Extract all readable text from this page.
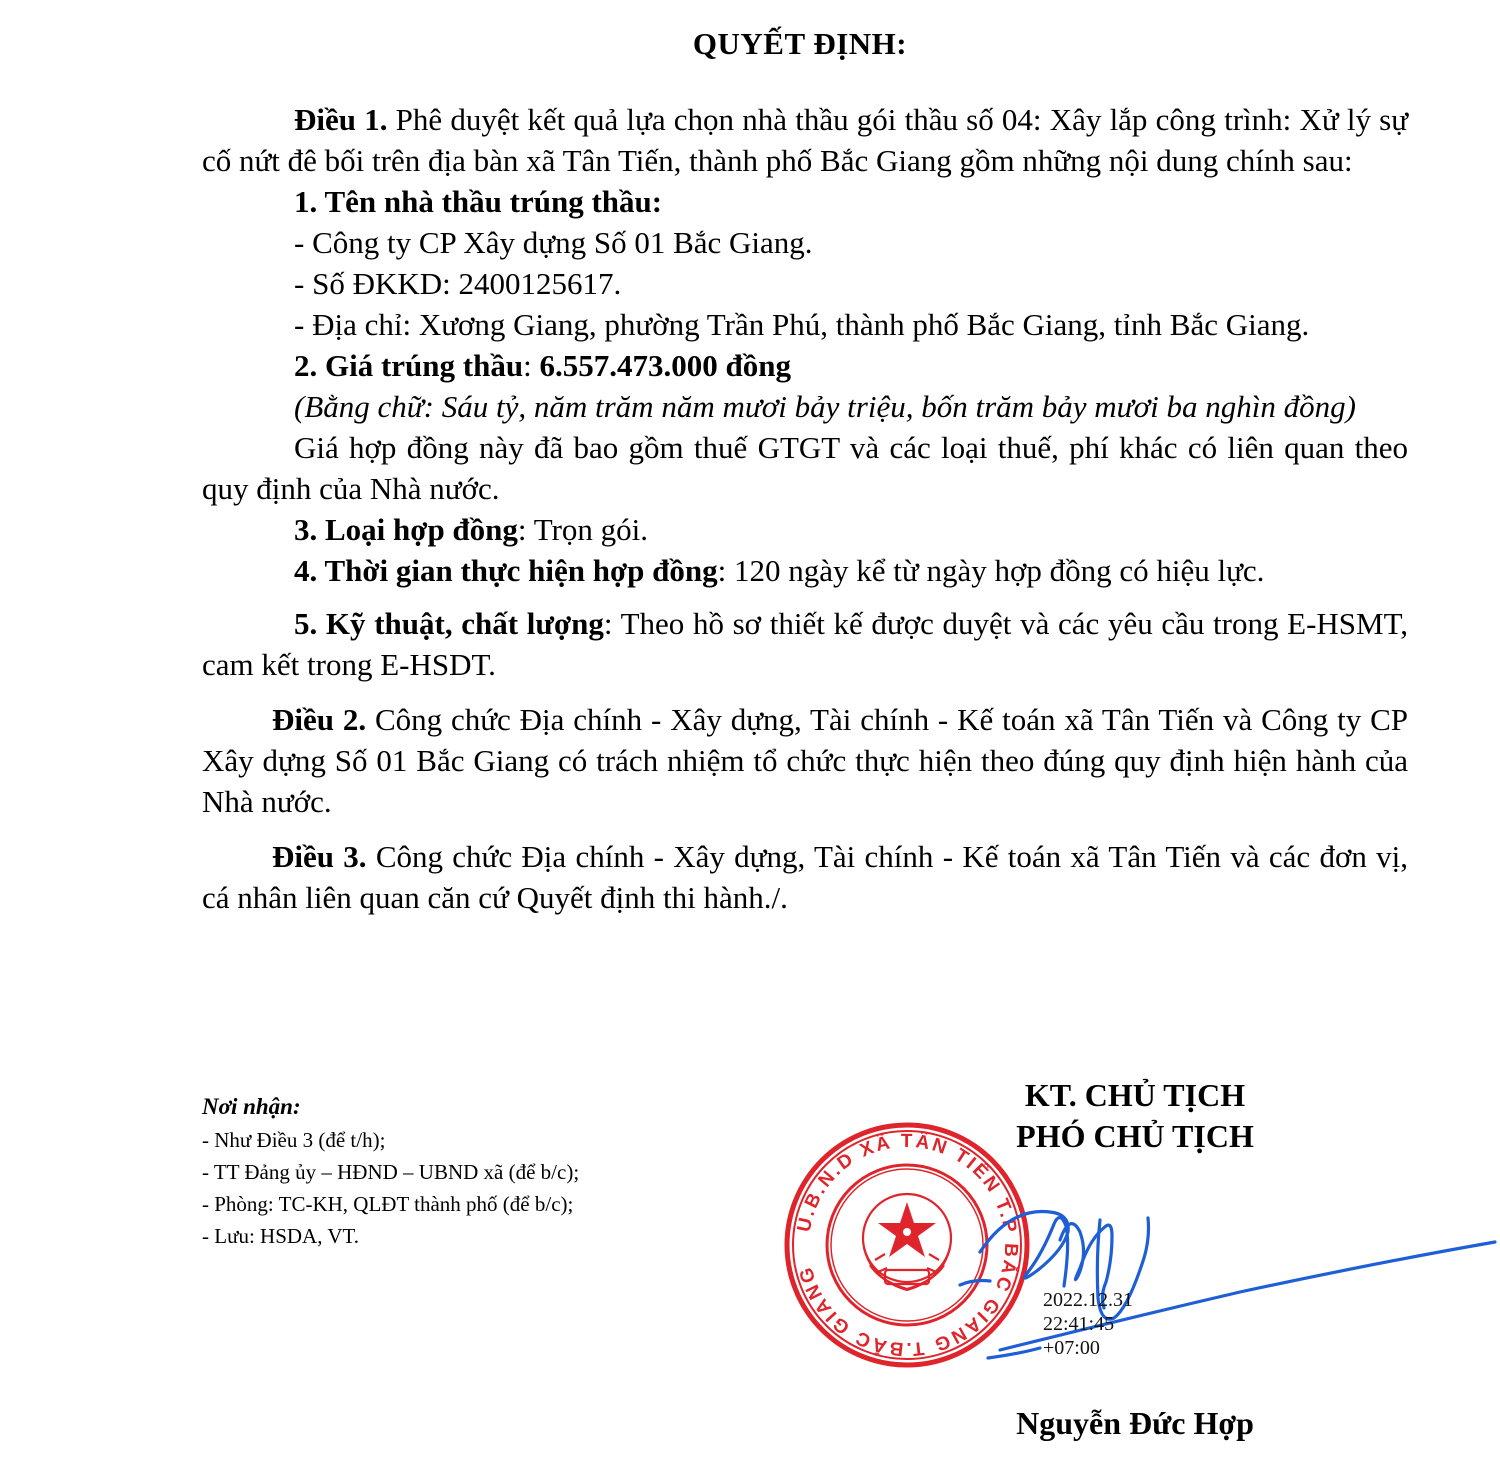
QUYẾT ĐỊNH:

Điều 1. Phê duyệt kết quả lựa chọn nhà thầu gói thầu số 04: Xây lắp công trình: Xử lý sự cố nứt đê bối trên địa bàn xã Tân Tiến, thành phố Bắc Giang gồm những nội dung chính sau:

1. Tên nhà thầu trúng thầu:

- Công ty CP Xây dựng Số 01 Bắc Giang.

- Số ĐKKD: 2400125617.

- Địa chỉ: Xương Giang, phường Trần Phú, thành phố Bắc Giang, tỉnh Bắc Giang.

2. Giá trúng thầu: 6.557.473.000 đồng

(Bằng chữ: Sáu tỷ, năm trăm năm mươi bảy triệu, bốn trăm bảy mươi ba nghìn đồng)

Giá hợp đồng này đã bao gồm thuế GTGT và các loại thuế, phí khác có liên quan theo quy định của Nhà nước.

3. Loại hợp đồng: Trọn gói.

4. Thời gian thực hiện hợp đồng: 120 ngày kể từ ngày hợp đồng có hiệu lực.

5. Kỹ thuật, chất lượng: Theo hồ sơ thiết kế được duyệt và các yêu cầu trong E-HSMT, cam kết trong E-HSDT.

Điều 2. Công chức Địa chính - Xây dựng, Tài chính - Kế toán xã Tân Tiến và Công ty CP Xây dựng Số 01 Bắc Giang có trách nhiệm tổ chức thực hiện theo đúng quy định hiện hành của Nhà nước.

Điều 3. Công chức Địa chính - Xây dựng, Tài chính - Kế toán xã Tân Tiến và các đơn vị, cá nhân liên quan căn cứ Quyết định thi hành./.

Nơi nhận:
- Như Điều 3 (để t/h);
- TT Đảng ủy – HĐND – UBND xã (để b/c);
- Phòng: TC-KH, QLĐT thành phố (để b/c);
- Lưu: HSDA, VT.
KT. CHỦ TỊCH
PHÓ CHỦ TỊCH
U.B.N.D XÃ TÂN TIẾN T.P BẮC GIANG T.BẮC GIANG
2022.12.31
22:41:45
+07:00
Nguyễn Đức Hợp
